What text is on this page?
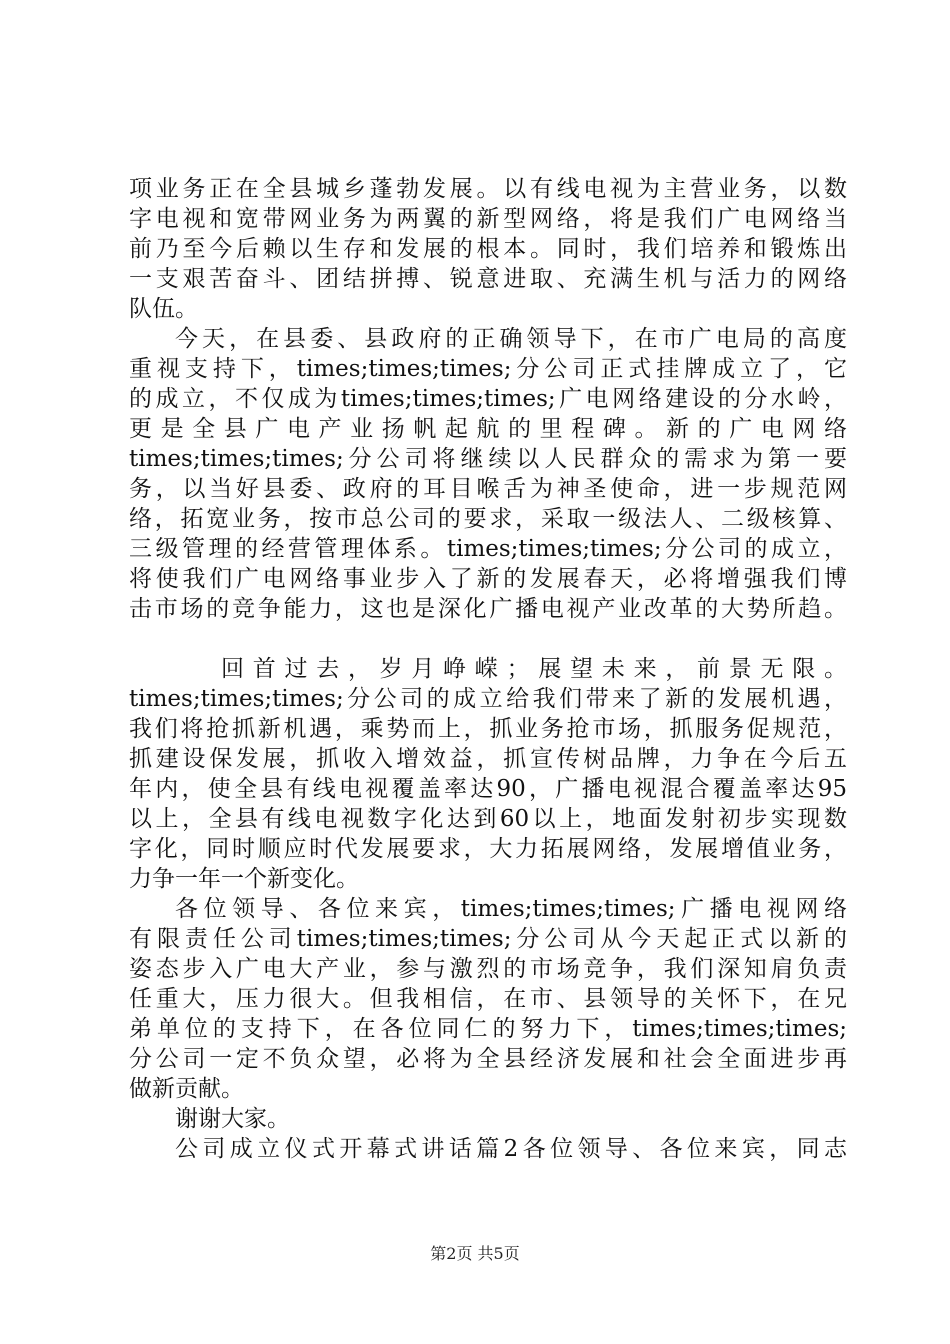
项业务正在全县城乡蓬勃发展。以有线电视为主营业务，以数
字电视和宽带网业务为两翼的新型网络，将是我们广电网络当
前乃至今后赖以生存和发展的根本。同时，我们培养和锻炼出
一支艰苦奋斗、团结拼搏、锐意进取、充满生机与活力的网络
队伍。
今天，在县委、县政府的正确领导下，在市广电局的高度
重视支持下，times;times;times;分公司正式挂牌成立了，它
的成立，不仅成为times;times;times;广电网络建设的分水岭，
更是全县广电产业扬帆起航的里程碑。新的广电网络
times;times;times;分公司将继续以人民群众的需求为第一要
务，以当好县委、政府的耳目喉舌为神圣使命，进一步规范网
络，拓宽业务，按市总公司的要求，采取一级法人、二级核算、
三级管理的经营管理体系。times;times;times;分公司的成立，
将使我们广电网络事业步入了新的发展春天，必将增强我们博
击市场的竞争能力，这也是深化广播电视产业改革的大势所趋。
回首过去，岁月峥嵘；展望未来，前景无限。
times;times;times;分公司的成立给我们带来了新的发展机遇，
我们将抢抓新机遇，乘势而上，抓业务抢市场，抓服务促规范，
抓建设保发展，抓收入增效益，抓宣传树品牌，力争在今后五
年内，使全县有线电视覆盖率达90，广播电视混合覆盖率达95
以上，全县有线电视数字化达到60以上，地面发射初步实现数
字化，同时顺应时代发展要求，大力拓展网络，发展增值业务，
力争一年一个新变化。
各位领导、各位来宾，times;times;times;广播电视网络
有限责任公司times;times;times;分公司从今天起正式以新的
姿态步入广电大产业，参与激烈的市场竞争，我们深知肩负责
任重大，压力很大。但我相信，在市、县领导的关怀下，在兄
弟单位的支持下，在各位同仁的努力下，times;times;times;
分公司一定不负众望，必将为全县经济发展和社会全面进步再
做新贡献。
谢谢大家。
公司成立仪式开幕式讲话篇2各位领导、各位来宾，同志
第2页 共5页
